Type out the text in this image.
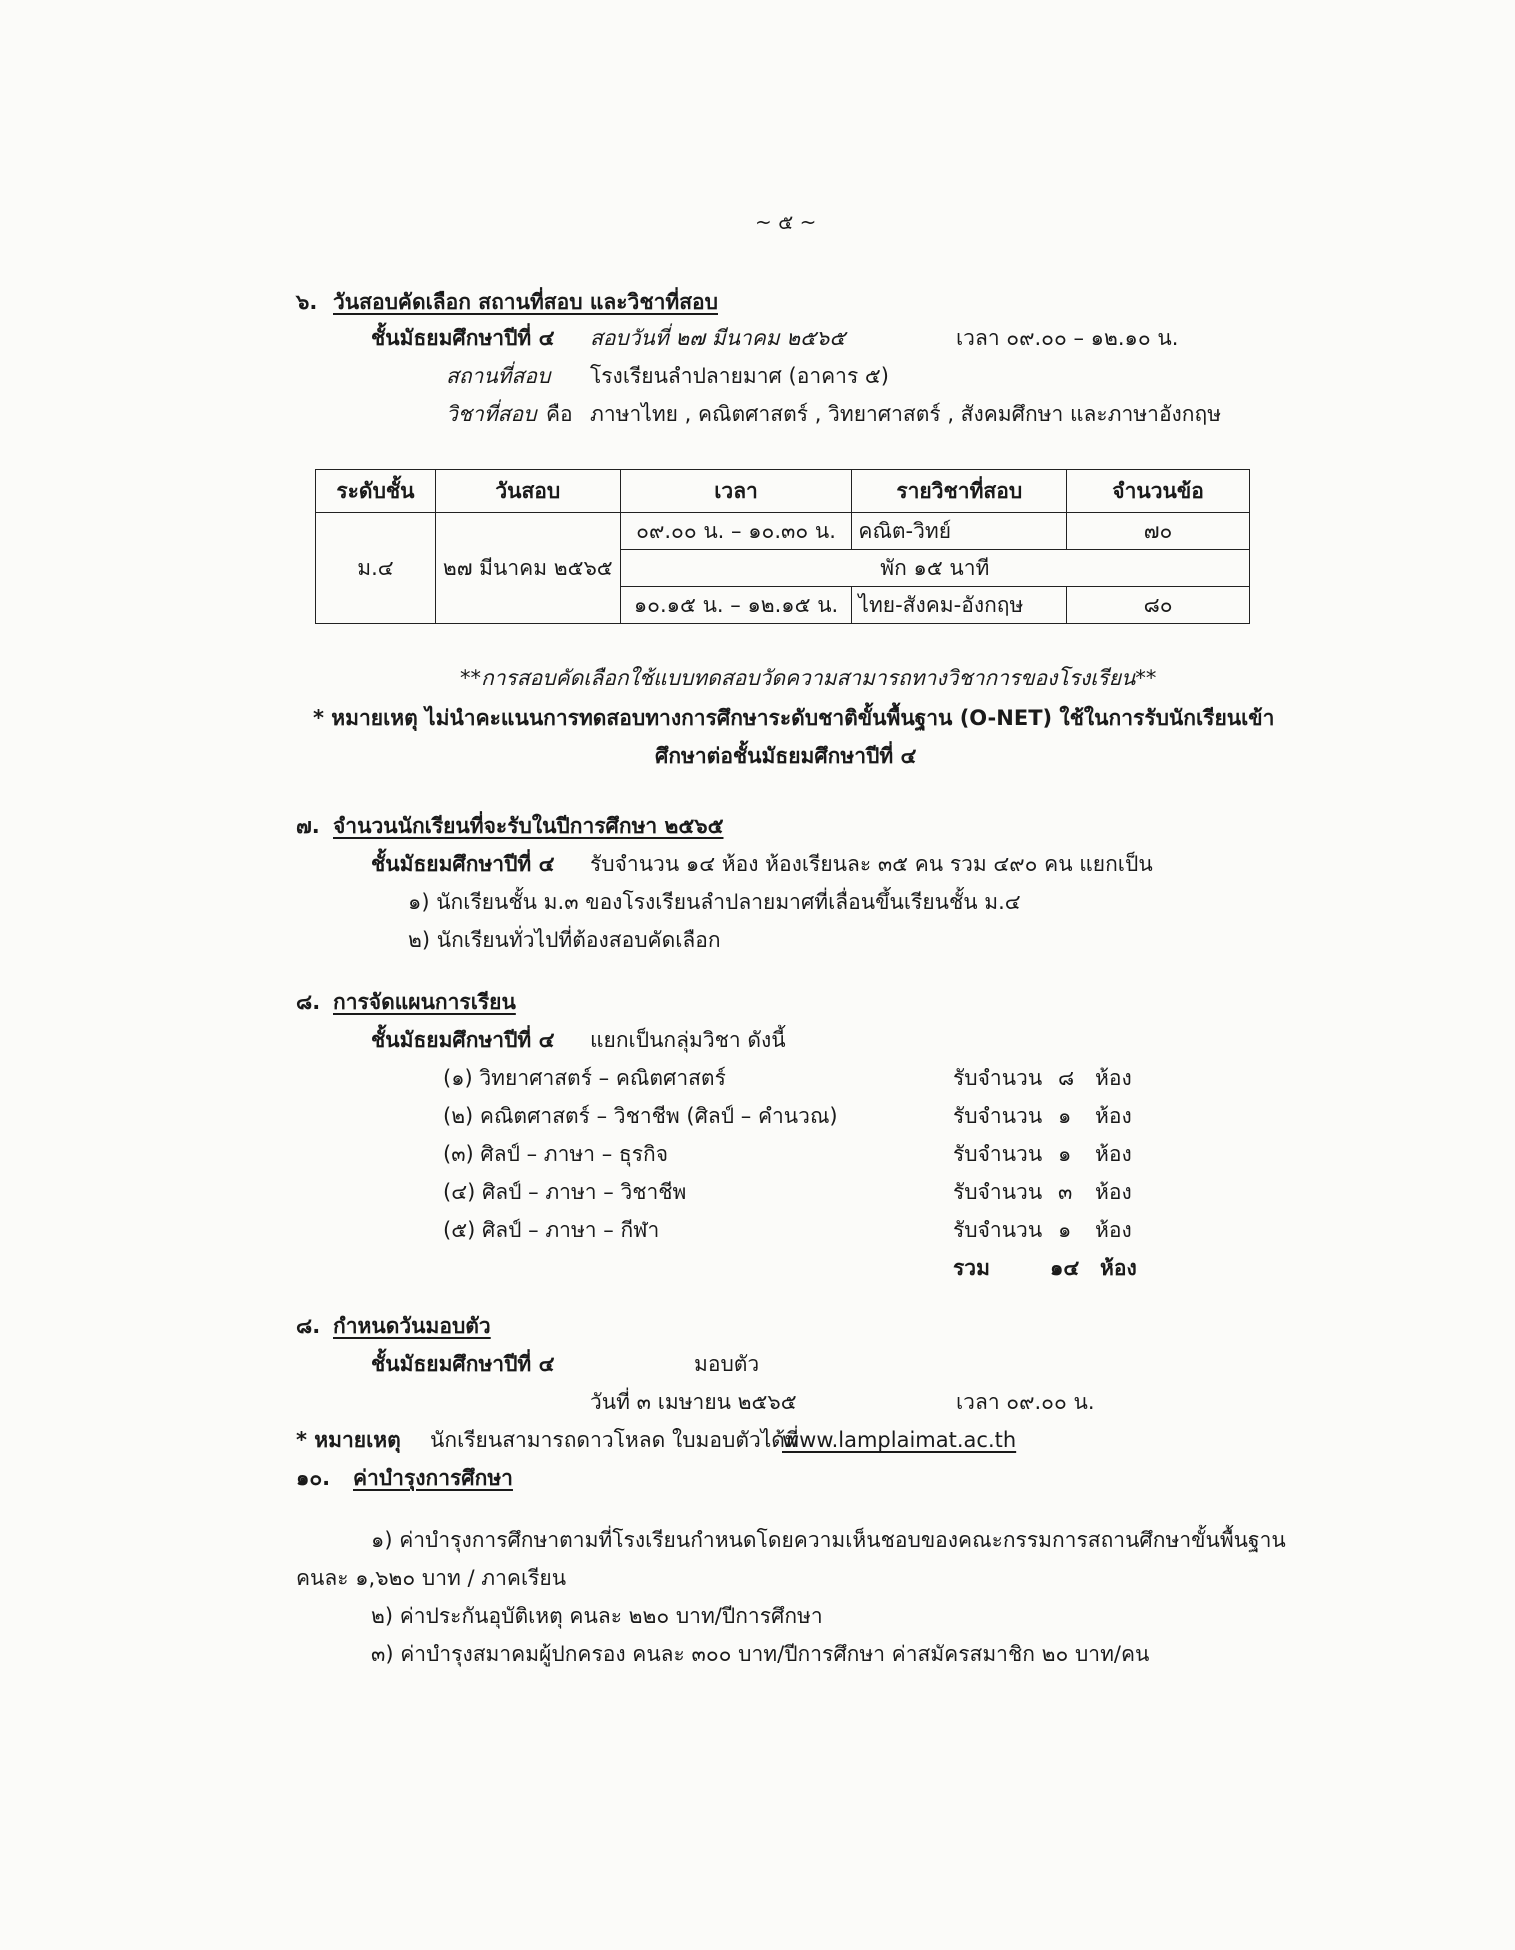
~ ๕ ~
๖. วันสอบคัดเลือก สถานที่สอบ และวิชาที่สอบ
ชั้นมัธยมศึกษาปีที่ ๔ สอบวันที่ ๒๗ มีนาคม ๒๕๖๕	เวลา ๐๙.๐๐ – ๑๒.๑๐ น.
สถานที่สอบ โรงเรียนลำปลายมาศ (อาคาร ๕)
วิชาที่สอบ คือ ภาษาไทย , คณิตศาสตร์ , วิทยาศาสตร์ , สังคมศึกษา และภาษาอังกฤษ
ระดับชั้น	วันสอบ	เวลา	รายวิชาที่สอบ	จำนวนข้อ
ม.๔	๒๗ มีนาคม ๒๕๖๕	๐๙.๐๐ น. – ๑๐.๓๐ น.	คณิต-วิทย์	๗๐
		พัก ๑๕ นาที		
		๑๐.๑๕ น. – ๑๒.๑๕ น.	ไทย-สังคม-อังกฤษ	๘๐
**การสอบคัดเลือกใช้แบบทดสอบวัดความสามารถทางวิชาการของโรงเรียน**
* หมายเหตุ ไม่นำคะแนนการทดสอบทางการศึกษาระดับชาติขั้นพื้นฐาน (O-NET) ใช้ในการรับนักเรียนเข้า
ศึกษาต่อชั้นมัธยมศึกษาปีที่ ๔
๗. จำนวนนักเรียนที่จะรับในปีการศึกษา ๒๕๖๕
ชั้นมัธยมศึกษาปีที่ ๔ รับจำนวน ๑๔ ห้อง ห้องเรียนละ ๓๕ คน รวม ๔๙๐ คน แยกเป็น
๑) นักเรียนชั้น ม.๓ ของโรงเรียนลำปลายมาศที่เลื่อนขึ้นเรียนชั้น ม.๔
๒) นักเรียนทั่วไปที่ต้องสอบคัดเลือก
๘. การจัดแผนการเรียน
ชั้นมัธยมศึกษาปีที่ ๔ แยกเป็นกลุ่มวิชา ดังนี้
(๑) วิทยาศาสตร์ – คณิตศาสตร์	รับจำนวน ๘ ห้อง
(๒) คณิตศาสตร์ – วิชาชีพ (ศิลป์ – คำนวณ)	รับจำนวน ๑ ห้อง
(๓) ศิลป์ – ภาษา – ธุรกิจ	รับจำนวน ๑ ห้อง
(๔) ศิลป์ – ภาษา – วิชาชีพ	รับจำนวน ๓ ห้อง
(๕) ศิลป์ – ภาษา – กีฬา	รับจำนวน ๑ ห้อง
รวม	๑๔ ห้อง
๘. กำหนดวันมอบตัว
ชั้นมัธยมศึกษาปีที่ ๔	มอบตัว
วันที่ ๓ เมษายน ๒๕๖๕	เวลา ๐๙.๐๐ น.
* หมายเหตุ นักเรียนสามารถดาวโหลด ใบมอบตัวได้ที่
www.lamplaimat.ac.th
๑๐. ค่าบำรุงการศึกษา
๑) ค่าบำรุงการศึกษาตามที่โรงเรียนกำหนดโดยความเห็นชอบของคณะกรรมการสถานศึกษาขั้นพื้นฐาน
คนละ ๑,๖๒๐ บาท / ภาคเรียน
๒) ค่าประกันอุบัติเหตุ คนละ ๒๒๐ บาท/ปีการศึกษา
๓) ค่าบำรุงสมาคมผู้ปกครอง คนละ ๓๐๐ บาท/ปีการศึกษา ค่าสมัครสมาชิก ๒๐ บาท/คน
